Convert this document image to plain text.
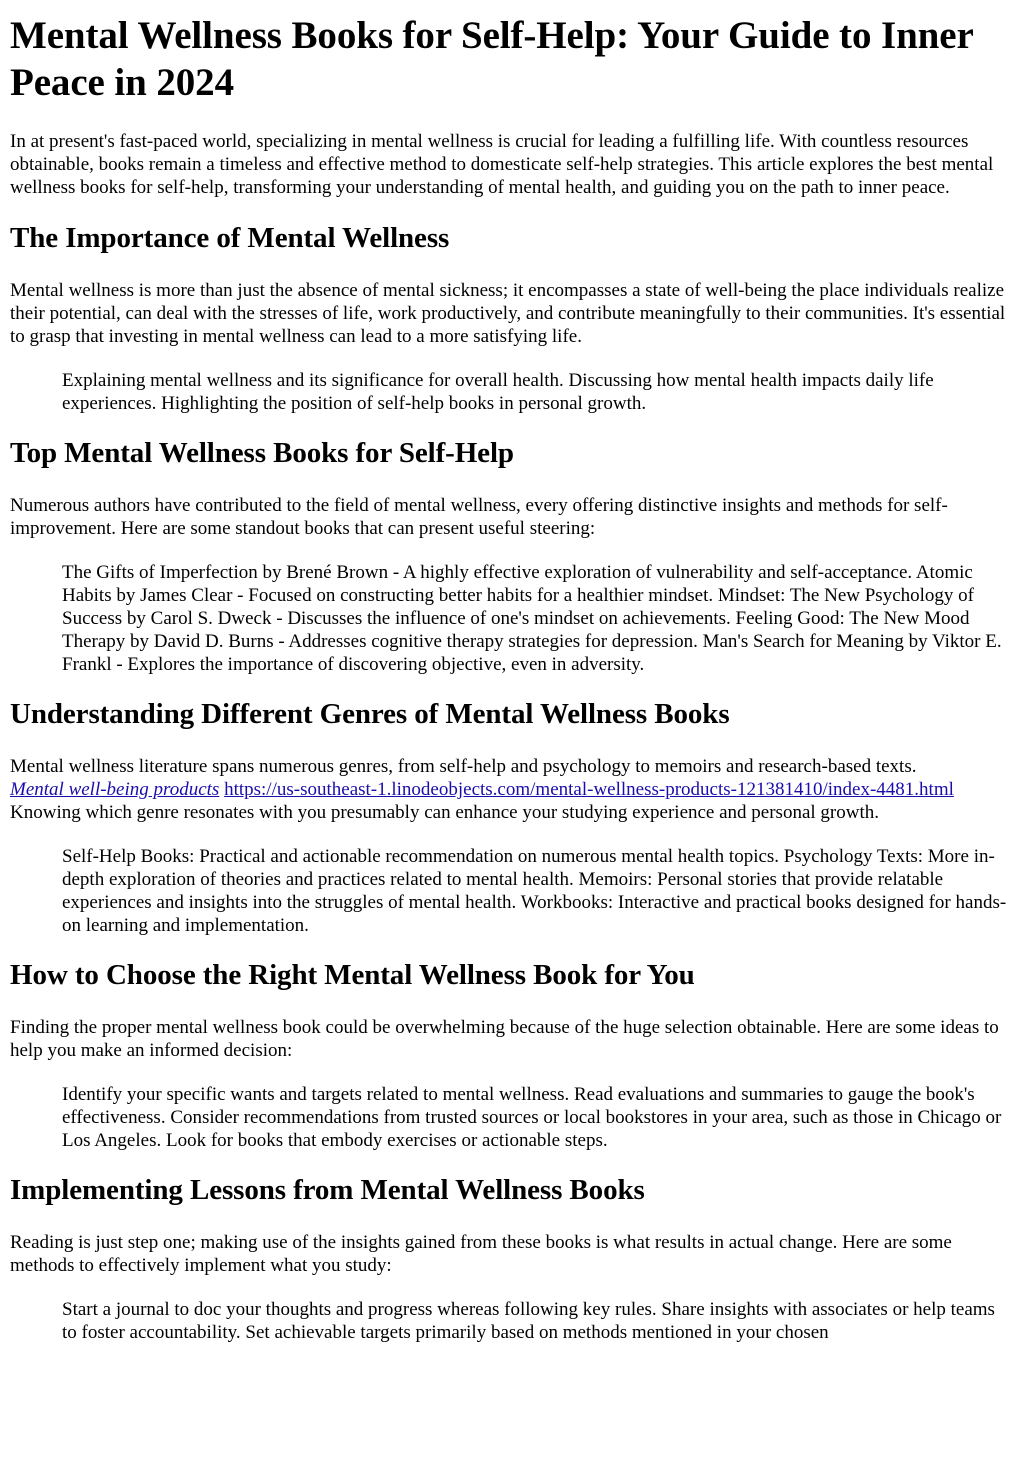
Mental Wellness Books for Self-Help: Your Guide to Inner Peace in 2024

In at present's fast-paced world, specializing in mental wellness is crucial for leading a fulfilling life. With countless resources obtainable, books remain a timeless and effective method to domesticate self-help strategies. This article explores the best mental wellness books for self-help, transforming your understanding of mental health, and guiding you on the path to inner peace.

The Importance of Mental Wellness

Mental wellness is more than just the absence of mental sickness; it encompasses a state of well-being the place individuals realize their potential, can deal with the stresses of life, work productively, and contribute meaningfully to their communities. It's essential to grasp that investing in mental wellness can lead to a more satisfying life.

Explaining mental wellness and its significance for overall health. Discussing how mental health impacts daily life experiences. Highlighting the position of self-help books in personal growth.
Top Mental Wellness Books for Self-Help

Numerous authors have contributed to the field of mental wellness, every offering distinctive insights and methods for self-improvement. Here are some standout books that can present useful steering:

The Gifts of Imperfection by Brené Brown - A highly effective exploration of vulnerability and self-acceptance. Atomic Habits by James Clear - Focused on constructing better habits for a healthier mindset. Mindset: The New Psychology of Success by Carol S. Dweck - Discusses the influence of one's mindset on achievements. Feeling Good: The New Mood Therapy by David D. Burns - Addresses cognitive therapy strategies for depression. Man's Search for Meaning by Viktor E. Frankl - Explores the importance of discovering objective, even in adversity.
Understanding Different Genres of Mental Wellness Books

Mental wellness literature spans numerous genres, from self-help and psychology to memoirs and research-based texts.
Mental well-being products https://us-southeast-1.linodeobjects.com/mental-wellness-products-121381410/index-4481.html Knowing which genre resonates with you presumably can enhance your studying experience and personal growth.

Self-Help Books: Practical and actionable recommendation on numerous mental health topics. Psychology Texts: More in-depth exploration of theories and practices related to mental health. Memoirs: Personal stories that provide relatable experiences and insights into the struggles of mental health. Workbooks: Interactive and practical books designed for hands-on learning and implementation.
How to Choose the Right Mental Wellness Book for You

Finding the proper mental wellness book could be overwhelming because of the huge selection obtainable. Here are some ideas to help you make an informed decision:

Identify your specific wants and targets related to mental wellness. Read evaluations and summaries to gauge the book's effectiveness. Consider recommendations from trusted sources or local bookstores in your area, such as those in Chicago or Los Angeles. Look for books that embody exercises or actionable steps.
Implementing Lessons from Mental Wellness Books

Reading is just step one; making use of the insights gained from these books is what results in actual change. Here are some methods to effectively implement what you study:

Start a journal to doc your thoughts and progress whereas following key rules. Share insights with associates or help teams to foster accountability. Set achievable targets primarily based on methods mentioned in your chosen
